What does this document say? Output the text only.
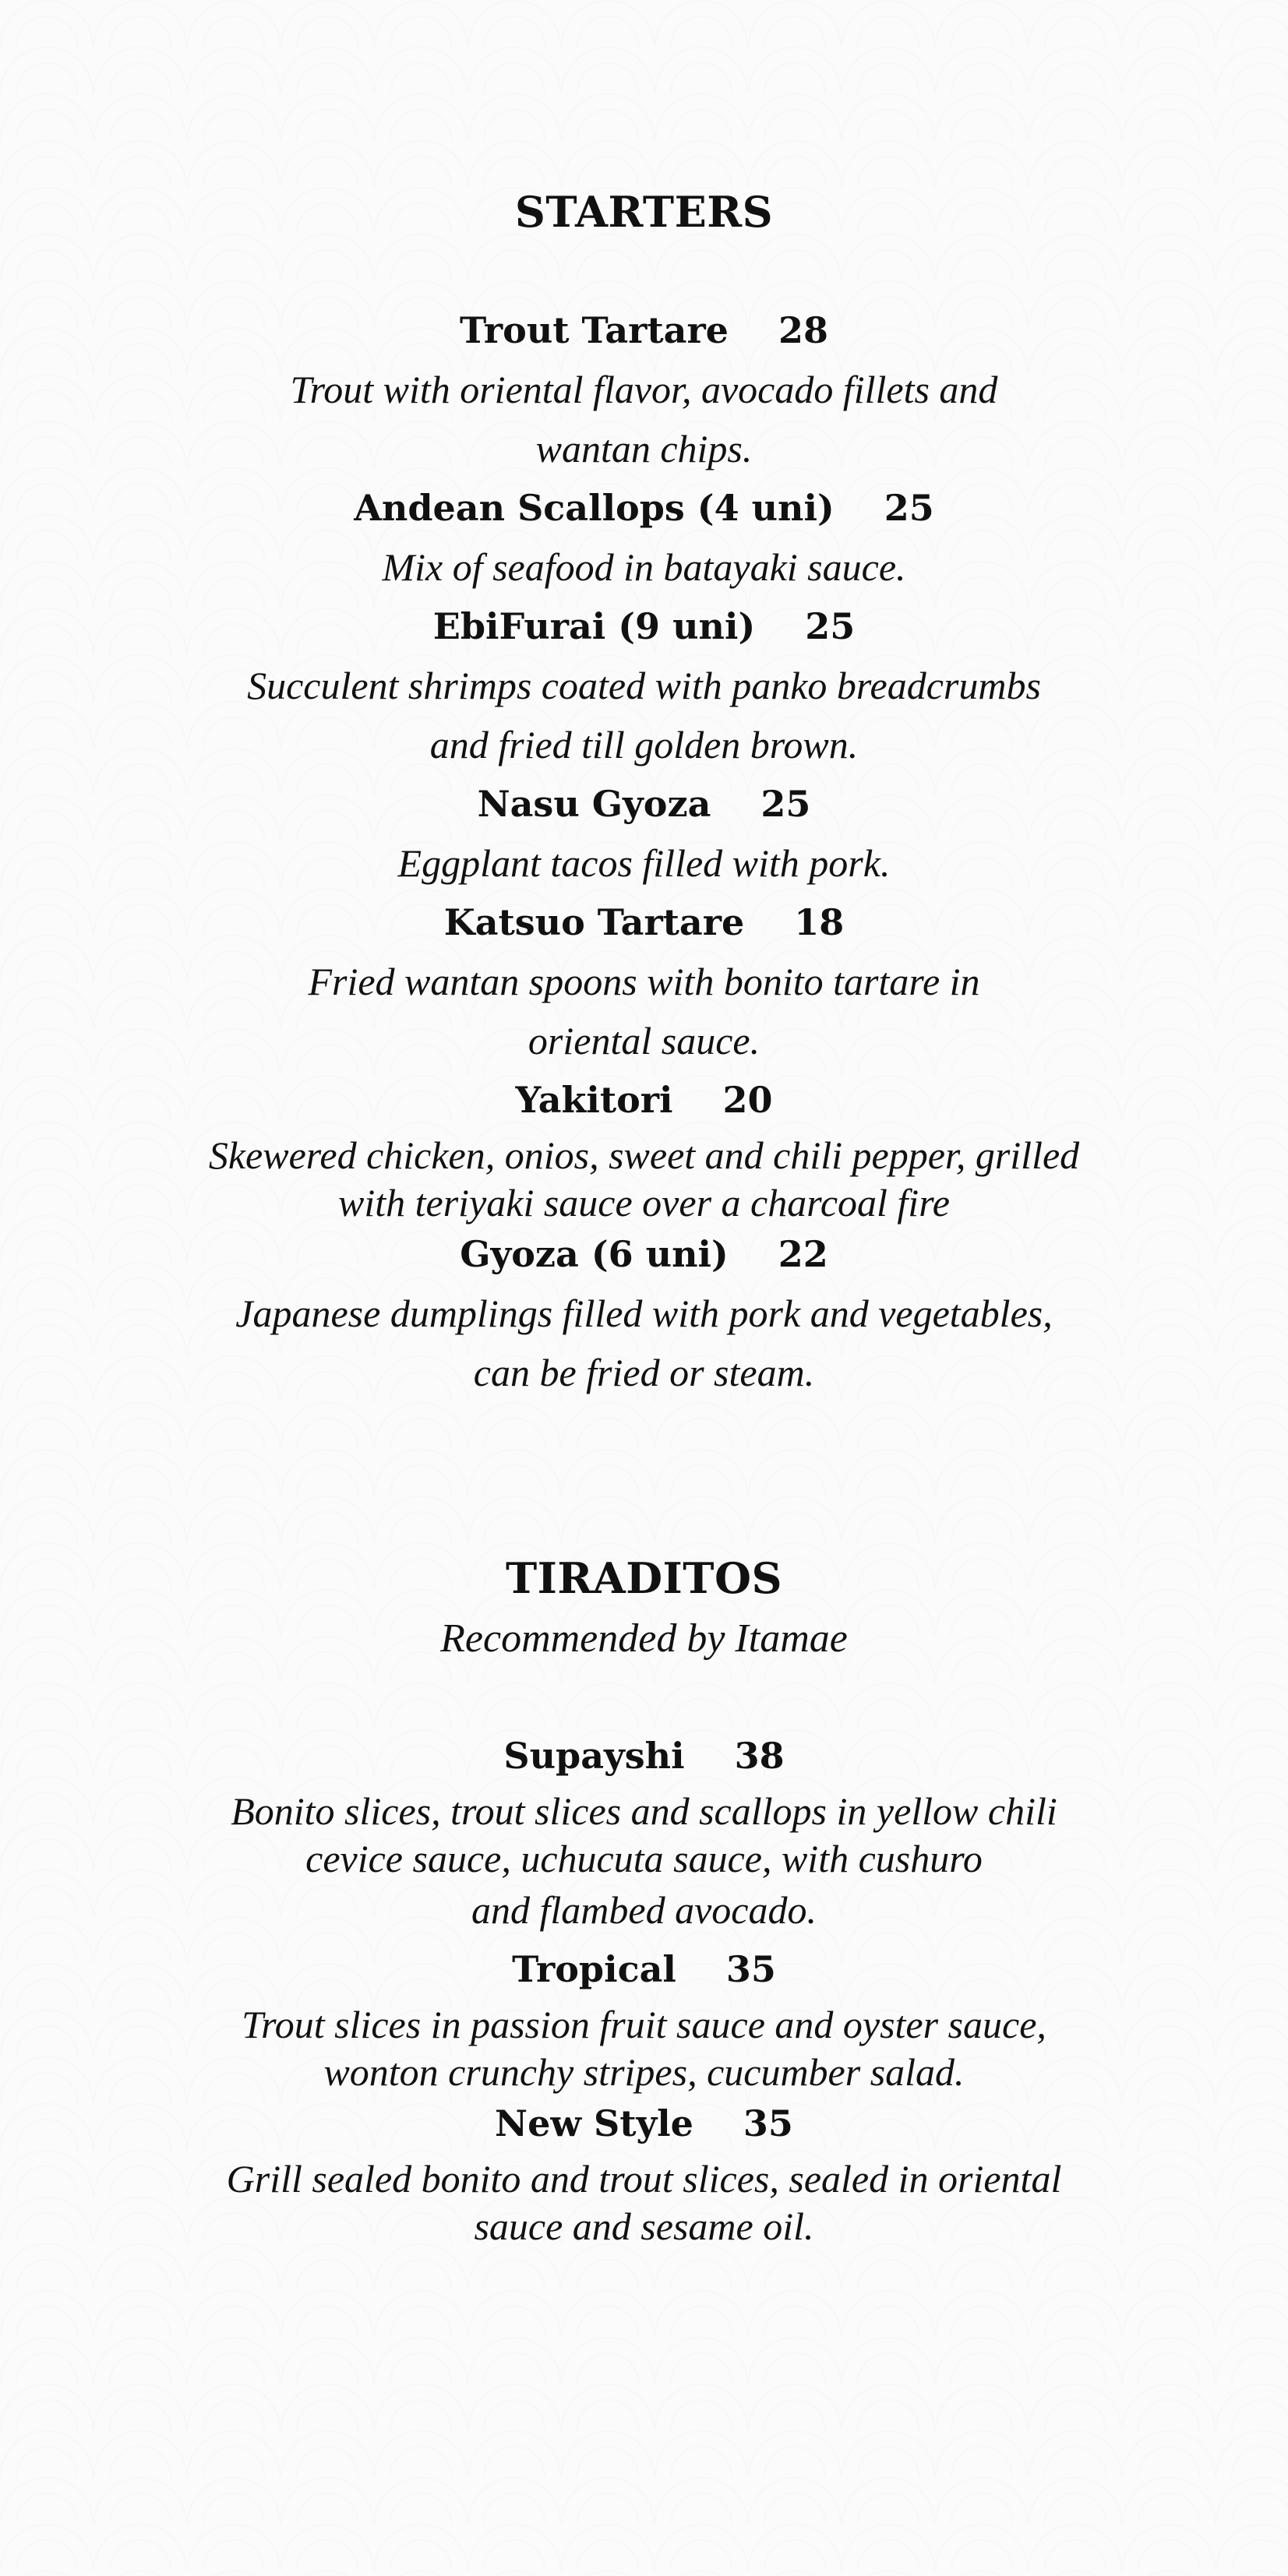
STARTERS
Trout Tartare 28

Trout with oriental flavor, avocado fillets and
wantan chips.

Andean Scallops (4 uni) 25

Mix of seafood in batayaki sauce.

EbiFurai (9 uni) 25

Succulent shrimps coated with panko breadcrumbs
and fried till golden brown.

Nasu Gyoza 25

Eggplant tacos filled with pork.

Katsuo Tartare 18

Fried wantan spoons with bonito tartare in
oriental sauce.

Yakitori 20

Skewered chicken, onios, sweet and chili pepper, grilled
with teriyaki sauce over a charcoal fire

Gyoza (6 uni) 22

Japanese dumplings filled with pork and vegetables,
can be fried or steam.

TIRADITOS

Recommended by Itamae

Supayshi 38

Bonito slices, trout slices and scallops in yellow chili
cevice sauce, uchucuta sauce, with cushuro
and flambed avocado.

Tropical 35

Trout slices in passion fruit sauce and oyster sauce,
wonton crunchy stripes, cucumber salad.

New Style 35

Grill sealed bonito and trout slices, sealed in oriental
sauce and sesame oil.
